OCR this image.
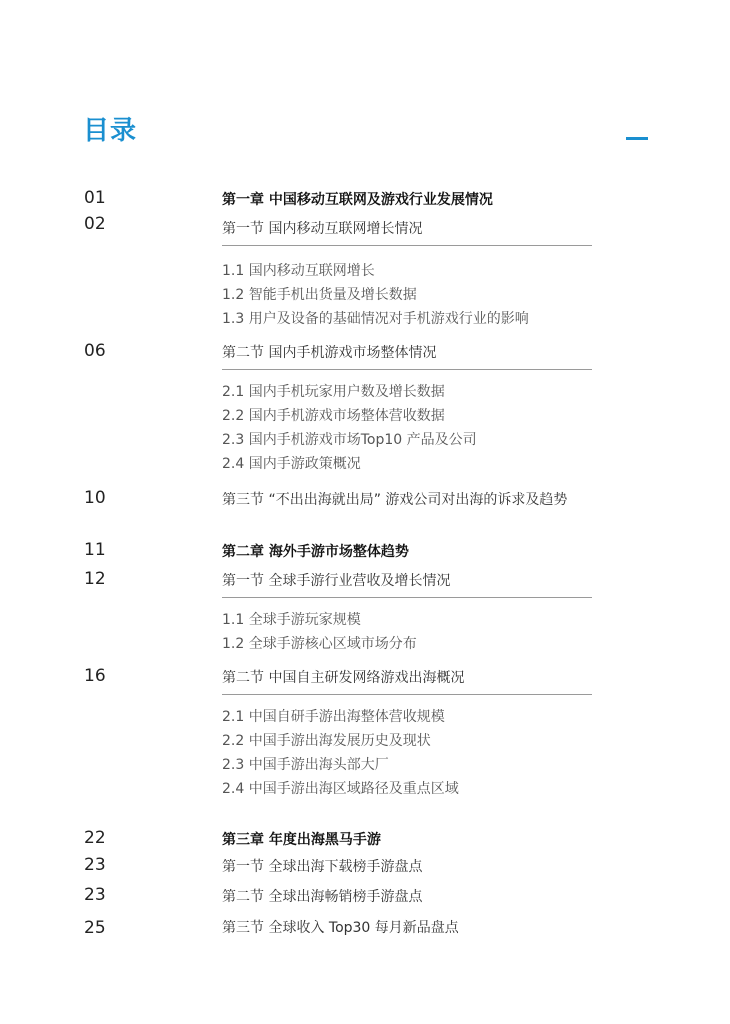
目录
01	第一章 中国移动互联网及游戏行业发展情况
02	第一节 国内移动互联网增长情况
1.1 国内移动互联网增长
1.2 智能手机出货量及增长数据
1.3 用户及设备的基础情况对手机游戏行业的影响
06	第二节 国内手机游戏市场整体情况
2.1 国内手机玩家用户数及增长数据
2.2 国内手机游戏市场整体营收数据
2.3 国内手机游戏市场Top10 产品及公司
2.4 国内手游政策概况
10	第三节 “不出出海就出局” 游戏公司对出海的诉求及趋势
11	第二章 海外手游市场整体趋势
12	第一节 全球手游行业营收及增长情况
1.1 全球手游玩家规模
1.2 全球手游核心区域市场分布
16	第二节 中国自主研发网络游戏出海概况
2.1 中国自研手游出海整体营收规模
2.2 中国手游出海发展历史及现状
2.3 中国手游出海头部大厂
2.4 中国手游出海区域路径及重点区域
22	第三章 年度出海黑马手游
23	第一节 全球出海下载榜手游盘点
23	第二节 全球出海畅销榜手游盘点
25	第三节 全球收入 Top30 每月新品盘点
